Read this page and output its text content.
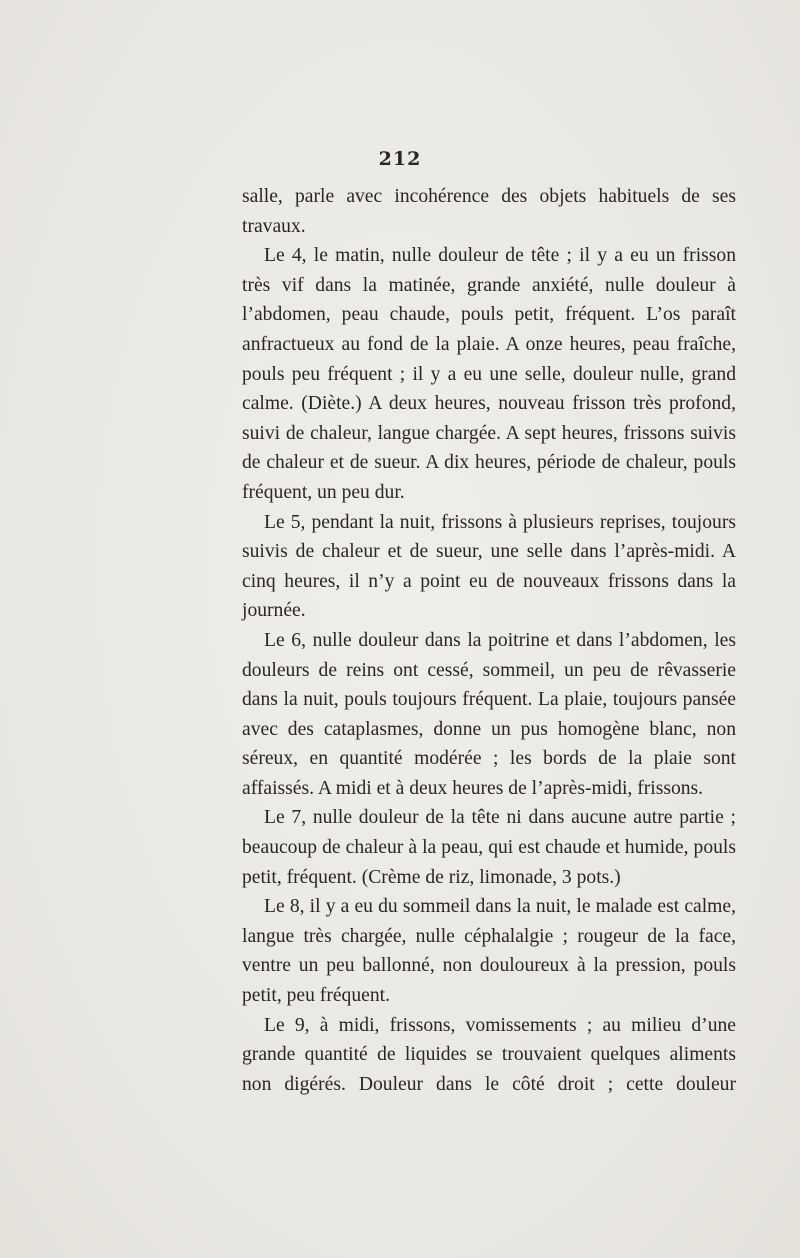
212

salle, parle avec incohérence des objets habituels de ses travaux.

Le 4, le matin, nulle douleur de tête ; il y a eu un frisson très vif dans la matinée, grande anxiété, nulle douleur à l’abdomen, peau chaude, pouls petit, fréquent. L’os paraît anfractueux au fond de la plaie. A onze heures, peau fraîche, pouls peu fréquent ; il y a eu une selle, douleur nulle, grand calme. (Diète.) A deux heures, nouveau frisson très profond, suivi de chaleur, langue chargée. A sept heures, frissons suivis de chaleur et de sueur. A dix heures, période de chaleur, pouls fréquent, un peu dur.

Le 5, pendant la nuit, frissons à plusieurs reprises, toujours suivis de chaleur et de sueur, une selle dans l’après-midi. A cinq heures, il n’y a point eu de nouveaux frissons dans la journée.

Le 6, nulle douleur dans la poitrine et dans l’abdomen, les douleurs de reins ont cessé, sommeil, un peu de rêvasserie dans la nuit, pouls toujours fréquent. La plaie, toujours pansée avec des cataplasmes, donne un pus homogène blanc, non séreux, en quantité modérée ; les bords de la plaie sont affaissés. A midi et à deux heures de l’après-midi, frissons.

Le 7, nulle douleur de la tête ni dans aucune autre partie ; beaucoup de chaleur à la peau, qui est chaude et humide, pouls petit, fréquent. (Crème de riz, limonade, 3 pots.)

Le 8, il y a eu du sommeil dans la nuit, le malade est calme, langue très chargée, nulle céphalalgie ; rougeur de la face, ventre un peu ballonné, non douloureux à la pression, pouls petit, peu fréquent.

Le 9, à midi, frissons, vomissements ; au milieu d’une grande quantité de liquides se trouvaient quelques aliments non digérés. Douleur dans le côté droit ; cette douleur
